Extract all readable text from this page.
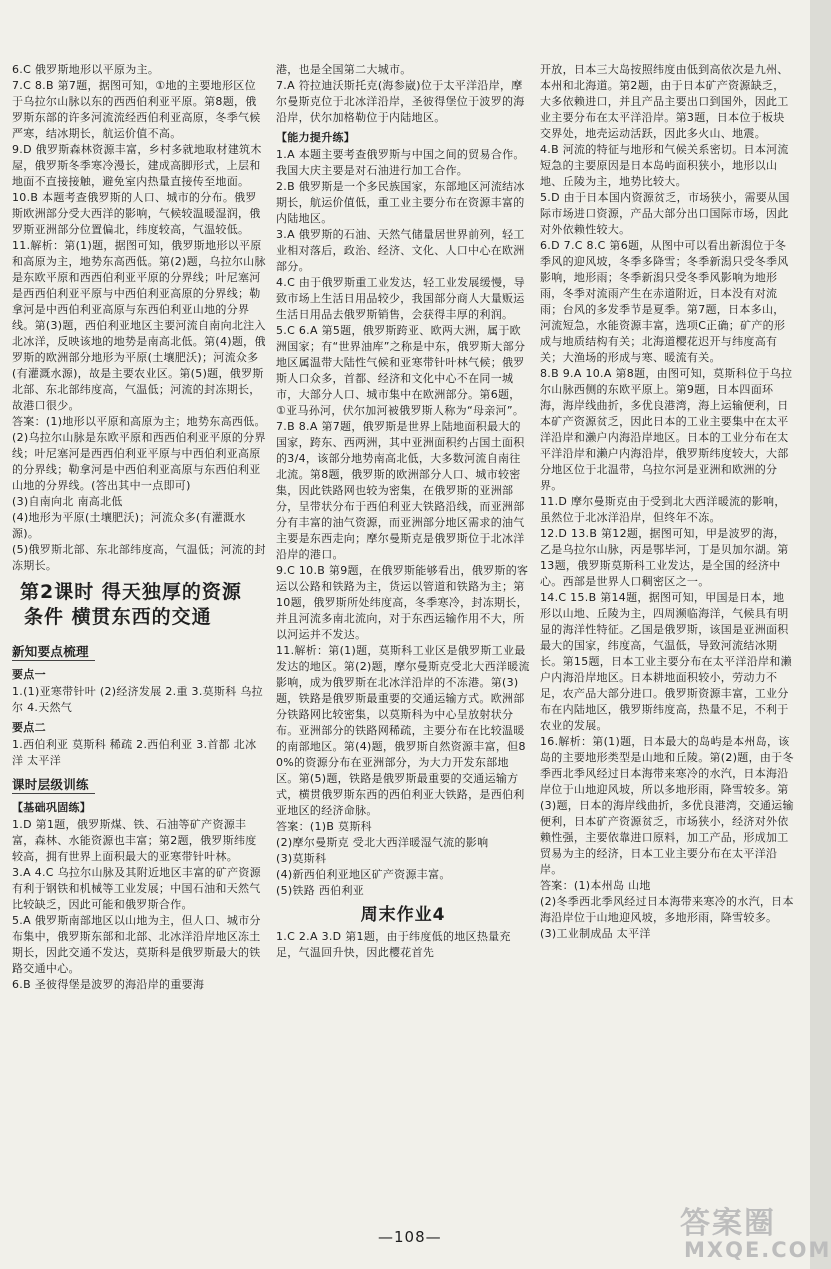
6.C 俄罗斯地形以平原为主。

7.C 8.B 第7题，据图可知，①地的主要地形区位于乌拉尔山脉以东的西西伯利亚平原。第8题，俄罗斯东部的许多河流流经西伯利亚高原，冬季气候严寒，结冰期长，航运价值不高。

9.D 俄罗斯森林资源丰富，乡村多就地取材建筑木屋，俄罗斯冬季寒冷漫长，建成高脚形式，上层和地面不直接接触，避免室内热量直接传至地面。

10.B 本题考查俄罗斯的人口、城市的分布。俄罗斯欧洲部分受大西洋的影响，气候较温暖湿润，俄罗斯亚洲部分位置偏北，纬度较高，气温较低。

11.解析：第(1)题，据图可知，俄罗斯地形以平原和高原为主，地势东高西低。第(2)题，乌拉尔山脉是东欧平原和西西伯利亚平原的分界线；叶尼塞河是西西伯利亚平原与中西伯利亚高原的分界线；勒拿河是中西伯利亚高原与东西伯利亚山地的分界线。第(3)题，西伯利亚地区主要河流自南向北注入北冰洋，反映该地的地势是南高北低。第(4)题，俄罗斯的欧洲部分地形为平原(土壤肥沃)；河流众多(有灌溉水源)，故是主要农业区。第(5)题，俄罗斯北部、东北部纬度高，气温低；河流的封冻期长，故港口很少。

答案：(1)地形以平原和高原为主；地势东高西低。

(2)乌拉尔山脉是东欧平原和西西伯利亚平原的分界线；叶尼塞河是西西伯利亚平原与中西伯利亚高原的分界线；勒拿河是中西伯利亚高原与东西伯利亚山地的分界线。(答出其中一点即可)

(3)自南向北 南高北低

(4)地形为平原(土壤肥沃)；河流众多(有灌溉水源)。

(5)俄罗斯北部、东北部纬度高，气温低；河流的封冻期长。

第2课时 得天独厚的资源
条件 横贯东西的交通
新知要点梳理
要点一

1.(1)亚寒带针叶 (2)经济发展 2.重 3.莫斯科 乌拉尔 4.天然气

要点二

1.西伯利亚 莫斯科 稀疏 2.西伯利亚 3.首都 北冰洋 太平洋

课时层级训练
【基础巩固练】

1.D 第1题，俄罗斯煤、铁、石油等矿产资源丰富，森林、水能资源也丰富；第2题，俄罗斯纬度较高，拥有世界上面积最大的亚寒带针叶林。

3.A 4.C 乌拉尔山脉及其附近地区丰富的矿产资源有利于钢铁和机械等工业发展；中国石油和天然气比较缺乏，因此可能和俄罗斯合作。

5.A 俄罗斯南部地区以山地为主，但人口、城市分布集中，俄罗斯东部和北部、北冰洋沿岸地区冻土期长，因此交通不发达，莫斯科是俄罗斯最大的铁路交通中心。

6.B 圣彼得堡是波罗的海沿岸的重要海

港，也是全国第二大城市。

7.A 符拉迪沃斯托克(海参崴)位于太平洋沿岸，摩尔曼斯克位于北冰洋沿岸，圣彼得堡位于波罗的海沿岸，伏尔加格勒位于内陆地区。

【能力提升练】

1.A 本题主要考查俄罗斯与中国之间的贸易合作。我国大庆主要是对石油进行加工合作。

2.B 俄罗斯是一个多民族国家，东部地区河流结冰期长，航运价值低，重工业主要分布在资源丰富的内陆地区。

3.A 俄罗斯的石油、天然气储量居世界前列，轻工业相对落后，政治、经济、文化、人口中心在欧洲部分。

4.C 由于俄罗斯重工业发达，轻工业发展缓慢，导致市场上生活日用品较少，我国部分商人大量贩运生活日用品去俄罗斯销售，会获得丰厚的利润。

5.C 6.A 第5题，俄罗斯跨亚、欧两大洲，属于欧洲国家；有“世界油库”之称是中东，俄罗斯大部分地区属温带大陆性气候和亚寒带针叶林气候；俄罗斯人口众多，首都、经济和文化中心不在同一城市，大部分人口、城市集中在欧洲部分。第6题，①亚马孙河，伏尔加河被俄罗斯人称为“母亲河”。

7.B 8.A 第7题，俄罗斯是世界上陆地面积最大的国家，跨东、西两洲，其中亚洲面积约占国土面积的3/4，该部分地势南高北低，大多数河流自南往北流。第8题，俄罗斯的欧洲部分人口、城市较密集，因此铁路网也较为密集，在俄罗斯的亚洲部分，呈带状分布于西伯利亚大铁路沿线，而亚洲部分有丰富的油气资源，而亚洲部分地区需求的油气主要是东西走向；摩尔曼斯克是俄罗斯位于北冰洋沿岸的港口。

9.C 10.B 第9题，在俄罗斯能够看出，俄罗斯的客运以公路和铁路为主，货运以管道和铁路为主；第10题，俄罗斯所处纬度高，冬季寒冷，封冻期长，并且河流多南北流向，对于东西运输作用不大，所以河运并不发达。

11.解析：第(1)题，莫斯科工业区是俄罗斯工业最发达的地区。第(2)题，摩尔曼斯克受北大西洋暖流影响，成为俄罗斯在北冰洋沿岸的不冻港。第(3)题，铁路是俄罗斯最重要的交通运输方式。欧洲部分铁路网比较密集，以莫斯科为中心呈放射状分布。亚洲部分的铁路网稀疏，主要分布在比较温暖的南部地区。第(4)题，俄罗斯自然资源丰富，但80%的资源分布在亚洲部分，为大力开发东部地区。第(5)题，铁路是俄罗斯最重要的交通运输方式，横贯俄罗斯东西的西伯利亚大铁路，是西伯利亚地区的经济命脉。

答案：(1)B 莫斯科

(2)摩尔曼斯克 受北大西洋暖湿气流的影响

(3)莫斯科

(4)新西伯利亚地区矿产资源丰富。

(5)铁路 西伯利亚

周末作业4

1.C 2.A 3.D 第1题，由于纬度低的地区热量充足，气温回升快，因此樱花首先

开放，日本三大岛按照纬度由低到高依次是九州、本州和北海道。第2题，由于日本矿产资源缺乏，大多依赖进口，并且产品主要出口到国外，因此工业主要分布在太平洋沿岸。第3题，日本位于板块交界处，地壳运动活跃，因此多火山、地震。

4.B 河流的特征与地形和气候关系密切。日本河流短急的主要原因是日本岛屿面积狭小，地形以山地、丘陵为主，地势比较大。

5.D 由于日本国内资源贫乏，市场狭小，需要从国际市场进口资源，产品大部分出口国际市场，因此对外依赖性较大。

6.D 7.C 8.C 第6题，从图中可以看出新潟位于冬季风的迎风坡，冬季多降雪；冬季新潟只受冬季风影响，地形雨；冬季新潟只受冬季风影响为地形雨，冬季对流雨产生在赤道附近，日本没有对流雨；台风的多发季节是夏季。第7题，日本多山，河流短急，水能资源丰富，选项C正确；矿产的形成与地质结构有关；北海道樱花迟开与纬度高有关；大渔场的形成与寒、暖流有关。

8.B 9.A 10.A 第8题，由图可知，莫斯科位于乌拉尔山脉西侧的东欧平原上。第9题，日本四面环海，海岸线曲折，多优良港湾，海上运输便利，日本矿产资源贫乏，因此日本的工业主要集中在太平洋沿岸和濑户内海沿岸地区。日本的工业分布在太平洋沿岸和濑户内海沿岸，俄罗斯纬度较大，大部分地区位于北温带，乌拉尔河是亚洲和欧洲的分界。

11.D 摩尔曼斯克由于受到北大西洋暖流的影响，虽然位于北冰洋沿岸，但终年不冻。

12.D 13.B 第12题，据图可知，甲是波罗的海，乙是乌拉尔山脉，丙是鄂毕河，丁是贝加尔湖。第13题，俄罗斯莫斯科工业发达，是全国的经济中心。西部是世界人口稠密区之一。

14.C 15.B 第14题，据图可知，甲国是日本，地形以山地、丘陵为主，四周濒临海洋，气候具有明显的海洋性特征。乙国是俄罗斯，该国是亚洲面积最大的国家，纬度高，气温低，导致河流结冰期长。第15题，日本工业主要分布在太平洋沿岸和濑户内海沿岸地区。日本耕地面积较小，劳动力不足，农产品大部分进口。俄罗斯资源丰富，工业分布在内陆地区，俄罗斯纬度高，热量不足，不利于农业的发展。

16.解析：第(1)题，日本最大的岛屿是本州岛，该岛的主要地形类型是山地和丘陵。第(2)题，由于冬季西北季风经过日本海带来寒冷的水汽，日本海沿岸位于山地迎风坡，所以多地形雨，降雪较多。第(3)题，日本的海岸线曲折，多优良港湾，交通运输便利，日本矿产资源贫乏，市场狭小，经济对外依赖性强，主要依靠进口原料，加工产品，形成加工贸易为主的经济，日本工业主要分布在太平洋沿岸。

答案：(1)本州岛 山地

(2)冬季西北季风经过日本海带来寒冷的水汽，日本海沿岸位于山地迎风坡，多地形雨，降雪较多。

(3)工业制成品 太平洋

—108—	答案圈
MXQE.COM
